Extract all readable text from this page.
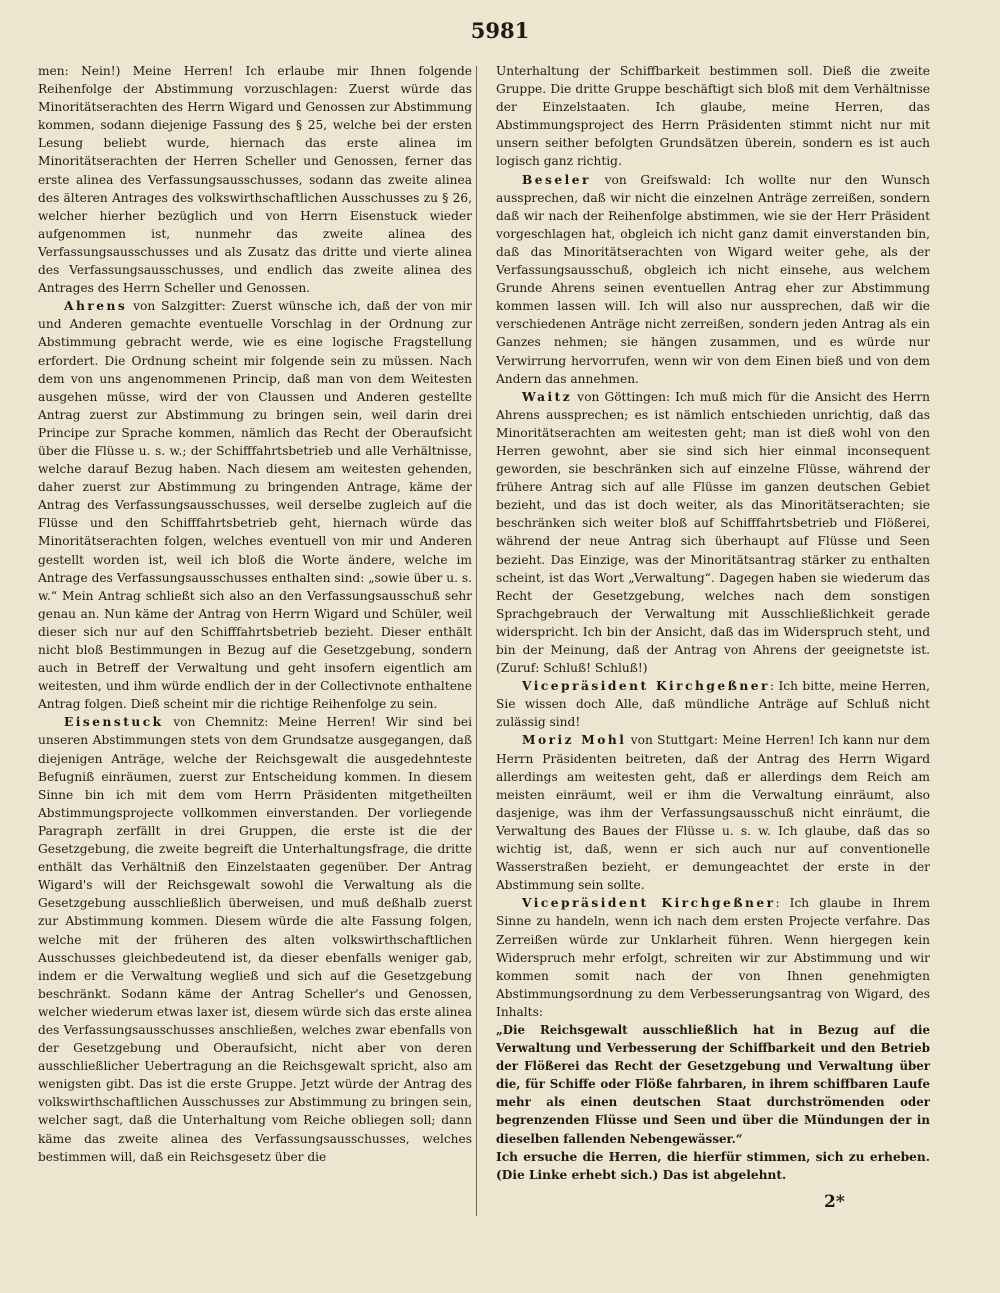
5981

men: Nein!) Meine Herren! Ich erlaube mir Ihnen folgende Reihenfolge der Abstimmung vorzuschlagen: Zuerst würde das Minoritätserachten des Herrn Wigard und Genossen zur Abstimmung kommen, sodann diejenige Fassung des § 25, welche bei der ersten Lesung beliebt wurde, hiernach das erste alinea im Minoritätserachten der Herren Scheller und Genossen, ferner das erste alinea des Verfassungsausschusses, sodann das zweite alinea des älteren Antrages des volkswirthschaftlichen Ausschusses zu § 26, welcher hierher bezüglich und von Herrn Eisenstuck wieder aufgenommen ist, nunmehr das zweite alinea des Verfassungsausschusses und als Zusatz das dritte und vierte alinea des Verfassungsausschusses, und endlich das zweite alinea des Antrages des Herrn Scheller und Genossen.

Ahrens von Salzgitter: Zuerst wünsche ich, daß der von mir und Anderen gemachte eventuelle Vorschlag in der Ordnung zur Abstimmung gebracht werde, wie es eine logische Fragstellung erfordert. Die Ordnung scheint mir folgende sein zu müssen. Nach dem von uns angenommenen Princip, daß man von dem Weitesten ausgehen müsse, wird der von Claussen und Anderen gestellte Antrag zuerst zur Abstimmung zu bringen sein, weil darin drei Principe zur Sprache kommen, nämlich das Recht der Oberaufsicht über die Flüsse u. s. w.; der Schifffahrtsbetrieb und alle Verhältnisse, welche darauf Bezug haben. Nach diesem am weitesten gehenden, daher zuerst zur Abstimmung zu bringenden Antrage, käme der Antrag des Verfassungsausschusses, weil derselbe zugleich auf die Flüsse und den Schifffahrtsbetrieb geht, hiernach würde das Minoritätserachten folgen, welches eventuell von mir und Anderen gestellt worden ist, weil ich bloß die Worte ändere, welche im Antrage des Verfassungsausschusses enthalten sind: „sowie über u. s. w.“ Mein Antrag schließt sich also an den Verfassungsausschuß sehr genau an. Nun käme der Antrag von Herrn Wigard und Schüler, weil dieser sich nur auf den Schifffahrtsbetrieb bezieht. Dieser enthält nicht bloß Bestimmungen in Bezug auf die Gesetzgebung, sondern auch in Betreff der Verwaltung und geht insofern eigentlich am weitesten, und ihm würde endlich der in der Collectivnote enthaltene Antrag folgen. Dieß scheint mir die richtige Reihenfolge zu sein.

Eisenstuck von Chemnitz: Meine Herren! Wir sind bei unseren Abstimmungen stets von dem Grundsatze ausgegangen, daß diejenigen Anträge, welche der Reichsgewalt die ausgedehnteste Befugniß einräumen, zuerst zur Entscheidung kommen. In diesem Sinne bin ich mit dem vom Herrn Präsidenten mitgetheilten Abstimmungsprojecte vollkommen einverstanden. Der vorliegende Paragraph zerfällt in drei Gruppen, die erste ist die der Gesetzgebung, die zweite begreift die Unterhaltungsfrage, die dritte enthält das Verhältniß den Einzelstaaten gegenüber. Der Antrag Wigard's will der Reichsgewalt sowohl die Verwaltung als die Gesetzgebung ausschließlich überweisen, und muß deßhalb zuerst zur Abstimmung kommen. Diesem würde die alte Fassung folgen, welche mit der früheren des alten volkswirthschaftlichen Ausschusses gleichbedeutend ist, da dieser ebenfalls weniger gab, indem er die Verwaltung wegließ und sich auf die Gesetzgebung beschränkt. Sodann käme der Antrag Scheller's und Genossen, welcher wiederum etwas laxer ist, diesem würde sich das erste alinea des Verfassungsausschusses anschließen, welches zwar ebenfalls von der Gesetzgebung und Oberaufsicht, nicht aber von deren ausschließlicher Uebertragung an die Reichsgewalt spricht, also am wenigsten gibt. Das ist die erste Gruppe. Jetzt würde der Antrag des volkswirthschaftlichen Ausschusses zur Abstimmung zu bringen sein, welcher sagt, daß die Unterhaltung vom Reiche obliegen soll; dann käme das zweite alinea des Verfassungsausschusses, welches bestimmen will, daß ein Reichsgesetz über die

Unterhaltung der Schiffbarkeit bestimmen soll. Dieß die zweite Gruppe. Die dritte Gruppe beschäftigt sich bloß mit dem Verhältnisse der Einzelstaaten. Ich glaube, meine Herren, das Abstimmungsproject des Herrn Präsidenten stimmt nicht nur mit unsern seither befolgten Grundsätzen überein, sondern es ist auch logisch ganz richtig.

Beseler von Greifswald: Ich wollte nur den Wunsch aussprechen, daß wir nicht die einzelnen Anträge zerreißen, sondern daß wir nach der Reihenfolge abstimmen, wie sie der Herr Präsident vorgeschlagen hat, obgleich ich nicht ganz damit einverstanden bin, daß das Minoritätserachten von Wigard weiter gehe, als der Verfassungsausschuß, obgleich ich nicht einsehe, aus welchem Grunde Ahrens seinen eventuellen Antrag eher zur Abstimmung kommen lassen will. Ich will also nur aussprechen, daß wir die verschiedenen Anträge nicht zerreißen, sondern jeden Antrag als ein Ganzes nehmen; sie hängen zusammen, und es würde nur Verwirrung hervorrufen, wenn wir von dem Einen bieß und von dem Andern das annehmen.

Waitz von Göttingen: Ich muß mich für die Ansicht des Herrn Ahrens aussprechen; es ist nämlich entschieden unrichtig, daß das Minoritätserachten am weitesten geht; man ist dieß wohl von den Herren gewohnt, aber sie sind sich hier einmal inconsequent geworden, sie beschränken sich auf einzelne Flüsse, während der frühere Antrag sich auf alle Flüsse im ganzen deutschen Gebiet bezieht, und das ist doch weiter, als das Minoritätserachten; sie beschränken sich weiter bloß auf Schifffahrtsbetrieb und Flößerei, während der neue Antrag sich überhaupt auf Flüsse und Seen bezieht. Das Einzige, was der Minoritätsantrag stärker zu enthalten scheint, ist das Wort „Verwaltung“. Dagegen haben sie wiederum das Recht der Gesetzgebung, welches nach dem sonstigen Sprachgebrauch der Verwaltung mit Ausschließlichkeit gerade widerspricht. Ich bin der Ansicht, daß das im Widerspruch steht, und bin der Meinung, daß der Antrag von Ahrens der geeignetste ist. (Zuruf: Schluß! Schluß!)

Vicepräsident Kirchgeßner: Ich bitte, meine Herren, Sie wissen doch Alle, daß mündliche Anträge auf Schluß nicht zulässig sind!

Moriz Mohl von Stuttgart: Meine Herren! Ich kann nur dem Herrn Präsidenten beitreten, daß der Antrag des Herrn Wigard allerdings am weitesten geht, daß er allerdings dem Reich am meisten einräumt, weil er ihm die Verwaltung einräumt, also dasjenige, was ihm der Verfassungsausschuß nicht einräumt, die Verwaltung des Baues der Flüsse u. s. w. Ich glaube, daß das so wichtig ist, daß, wenn er sich auch nur auf conventionelle Wasserstraßen bezieht, er demungeachtet der erste in der Abstimmung sein sollte.

Vicepräsident Kirchgeßner: Ich glaube in Ihrem Sinne zu handeln, wenn ich nach dem ersten Projecte verfahre. Das Zerreißen würde zur Unklarheit führen. Wenn hiergegen kein Widerspruch mehr erfolgt, schreiten wir zur Abstimmung und wir kommen somit nach der von Ihnen genehmigten Abstimmungsordnung zu dem Verbesserungsantrag von Wigard, des Inhalts:

„Die Reichsgewalt ausschließlich hat in Bezug auf die Verwaltung und Verbesserung der Schiffbarkeit und den Betrieb der Flößerei das Recht der Gesetzgebung und Verwaltung über die, für Schiffe oder Flöße fahrbaren, in ihrem schiffbaren Laufe mehr als einen deutschen Staat durchströmenden oder begrenzenden Flüsse und Seen und über die Mündungen der in dieselben fallenden Nebengewässer.“

Ich ersuche die Herren, die hierfür stimmen, sich zu erheben. (Die Linke erhebt sich.) Das ist abgelehnt.

2*
